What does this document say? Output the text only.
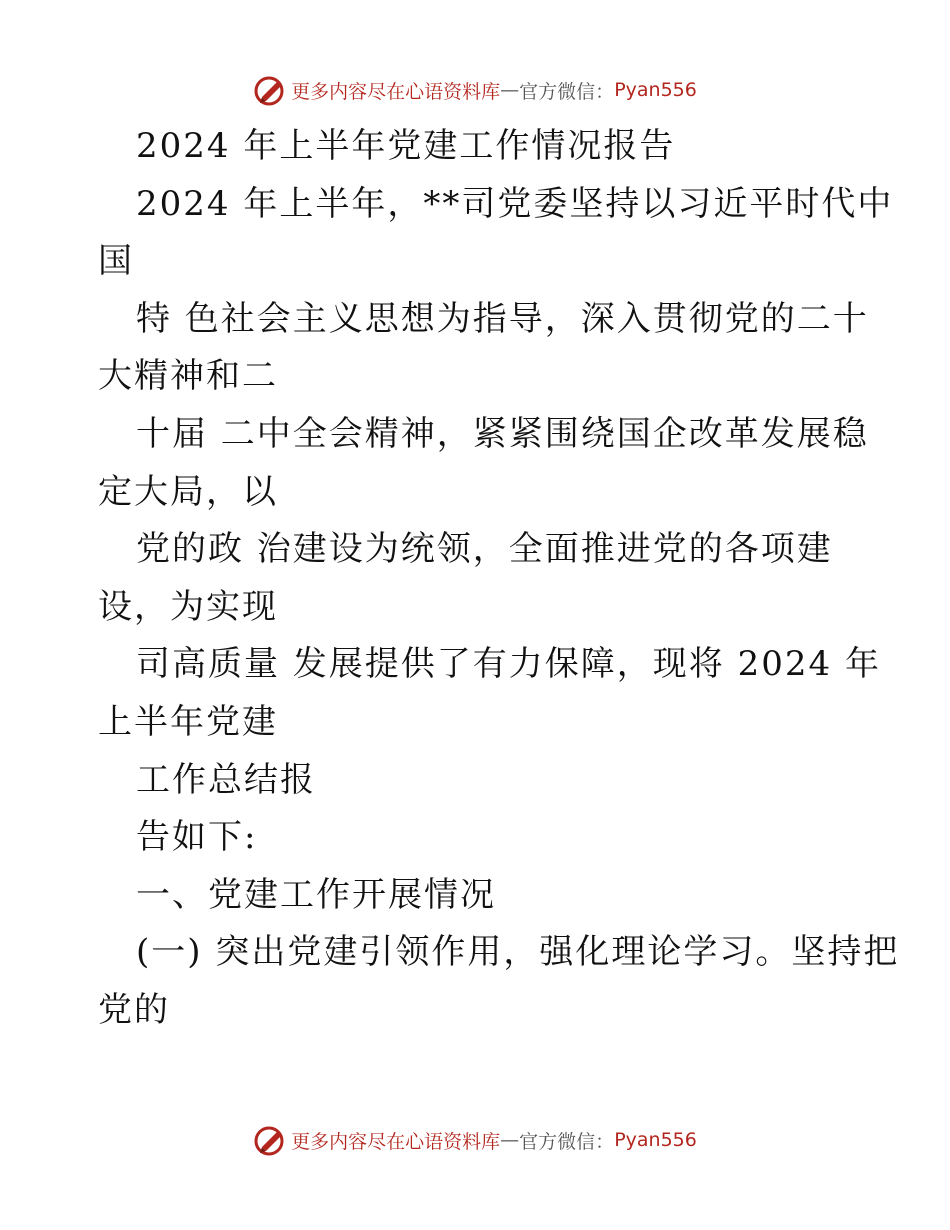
更多内容尽在心语资料库 — 官方微信： Pyan556
2024 年上半年党建工作情况报告
2024 年上半年，**司党委坚持以习近平时代中
国
特 色社会主义思想为指导，深入贯彻党的二十
大精神和二
十届 二中全会精神，紧紧围绕国企改革发展稳
定大局，以
党的政 治建设为统领，全面推进党的各项建
设，为实现
司高质量 发展提供了有力保障，现将 2024 年
上半年党建
工作总结报
告如下:
一、党建工作开展情况
(一) 突出党建引领作用，强化理论学习。坚持把
党的
更多内容尽在心语资料库 — 官方微信： Pyan556
